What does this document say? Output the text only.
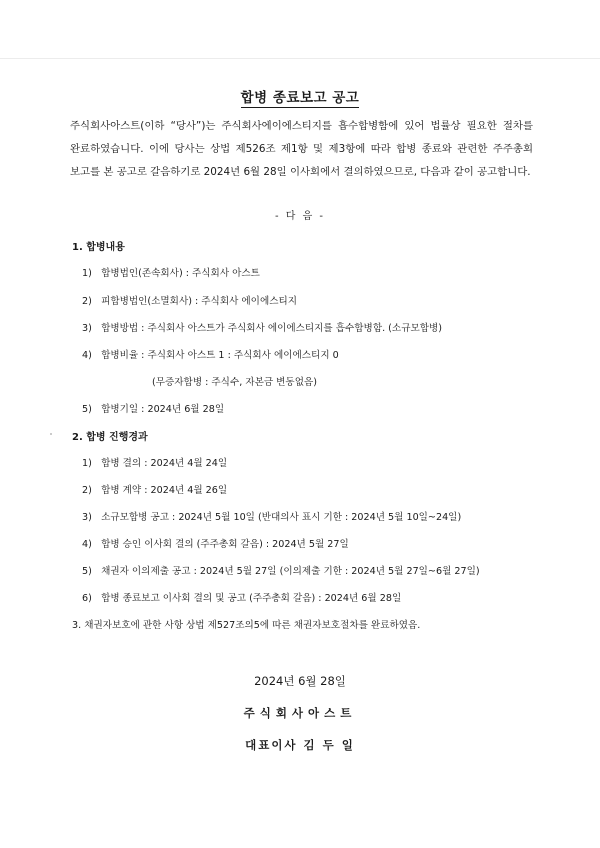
합병 종료보고 공고

주식회사아스트(이하 “당사”)는 주식회사에이에스티지를 흡수합병함에 있어 법률상 필요한 절차를 완료하였습니다. 이에 당사는 상법 제526조 제1항 및 제3항에 따라 합병 종료와 관련한 주주총회 보고를 본 공고로 갈음하기로 2024년 6월 28일 이사회에서 결의하였으므로, 다음과 같이 공고합니다.

- 다 음 -
1. 합병내용
1) 합병법인(존속회사) : 주식회사 아스트
2) 피합병법인(소멸회사) : 주식회사 에이에스티지
3) 합병방법 : 주식회사 아스트가 주식회사 에이에스티지를 흡수합병함. (소규모합병)
4) 합병비율 : 주식회사 아스트 1 : 주식회사 에이에스티지 0
(무증자합병 : 주식수, 자본금 변동없음)
5) 합병기일 : 2024년 6월 28일
2. 합병 진행경과
1) 합병 결의 : 2024년 4월 24일
2) 합병 계약 : 2024년 4월 26일
3) 소규모합병 공고 : 2024년 5월 10일 (반대의사 표시 기한 : 2024년 5월 10일~24일)
4) 합병 승인 이사회 결의 (주주총회 갈음) : 2024년 5월 27일
5) 채권자 이의제출 공고 : 2024년 5월 27일 (이의제출 기한 : 2024년 5월 27일~6월 27일)
6) 합병 종료보고 이사회 결의 및 공고 (주주총회 갈음) : 2024년 6월 28일
3. 채권자보호에 관한 사항 상법 제527조의5에 따른 채권자보호절차를 완료하였음.
2024년 6월 28일
주식회사아스트
대표이사 김 두 일
